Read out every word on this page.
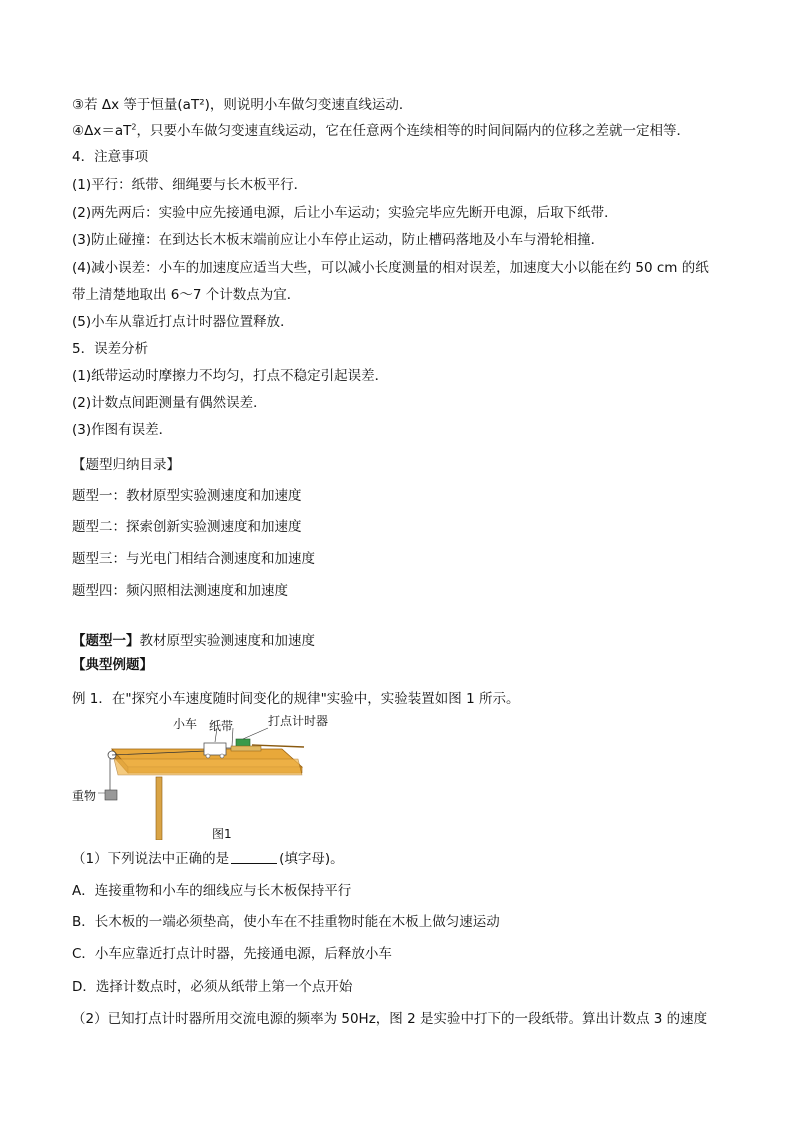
③若 Δx 等于恒量(aT²)，则说明小车做匀变速直线运动．
$④\Delta x=aT^2$，只要小车做匀变速直线运动，它在任意两个连续相等的时间间隔内的位移之差就一定相等．
4．注意事项
(1)平行：纸带、细绳要与长木板平行．
(2)两先两后：实验中应先接通电源，后让小车运动；实验完毕应先断开电源，后取下纸带．
(3)防止碰撞：在到达长木板末端前应让小车停止运动，防止槽码落地及小车与滑轮相撞．
(4)减小误差：小车的加速度应适当大些，可以减小长度测量的相对误差，加速度大小以能在约 50 cm 的纸
带上清楚地取出 6～7 个计数点为宜．
(5)小车从靠近打点计时器位置释放．
5．误差分析
(1)纸带运动时摩擦力不均匀，打点不稳定引起误差．
(2)计数点间距测量有偶然误差．
(3)作图有误差．
【题型归纳目录】
题型一：教材原型实验测速度和加速度
题型二：探索创新实验测速度和加速度
题型三：与光电门相结合测速度和加速度
题型四：频闪照相法测速度和加速度
【题型一】教材原型实验测速度和加速度
【典型例题】
例 1．在"探究小车速度随时间变化的规律"实验中，实验装置如图 1 所示。
小车 纸带	打点计时器
重物
图1
（1）下列说法中正确的是	(填字母)。
A．连接重物和小车的细线应与长木板保持平行
B．长木板的一端必须垫高，使小车在不挂重物时能在木板上做匀速运动
C．小车应靠近打点计时器，先接通电源，后释放小车
D．选择计数点时，必须从纸带上第一个点开始
（2）已知打点计时器所用交流电源的频率为 50Hz，图 2 是实验中打下的一段纸带。算出计数点 3 的速度
